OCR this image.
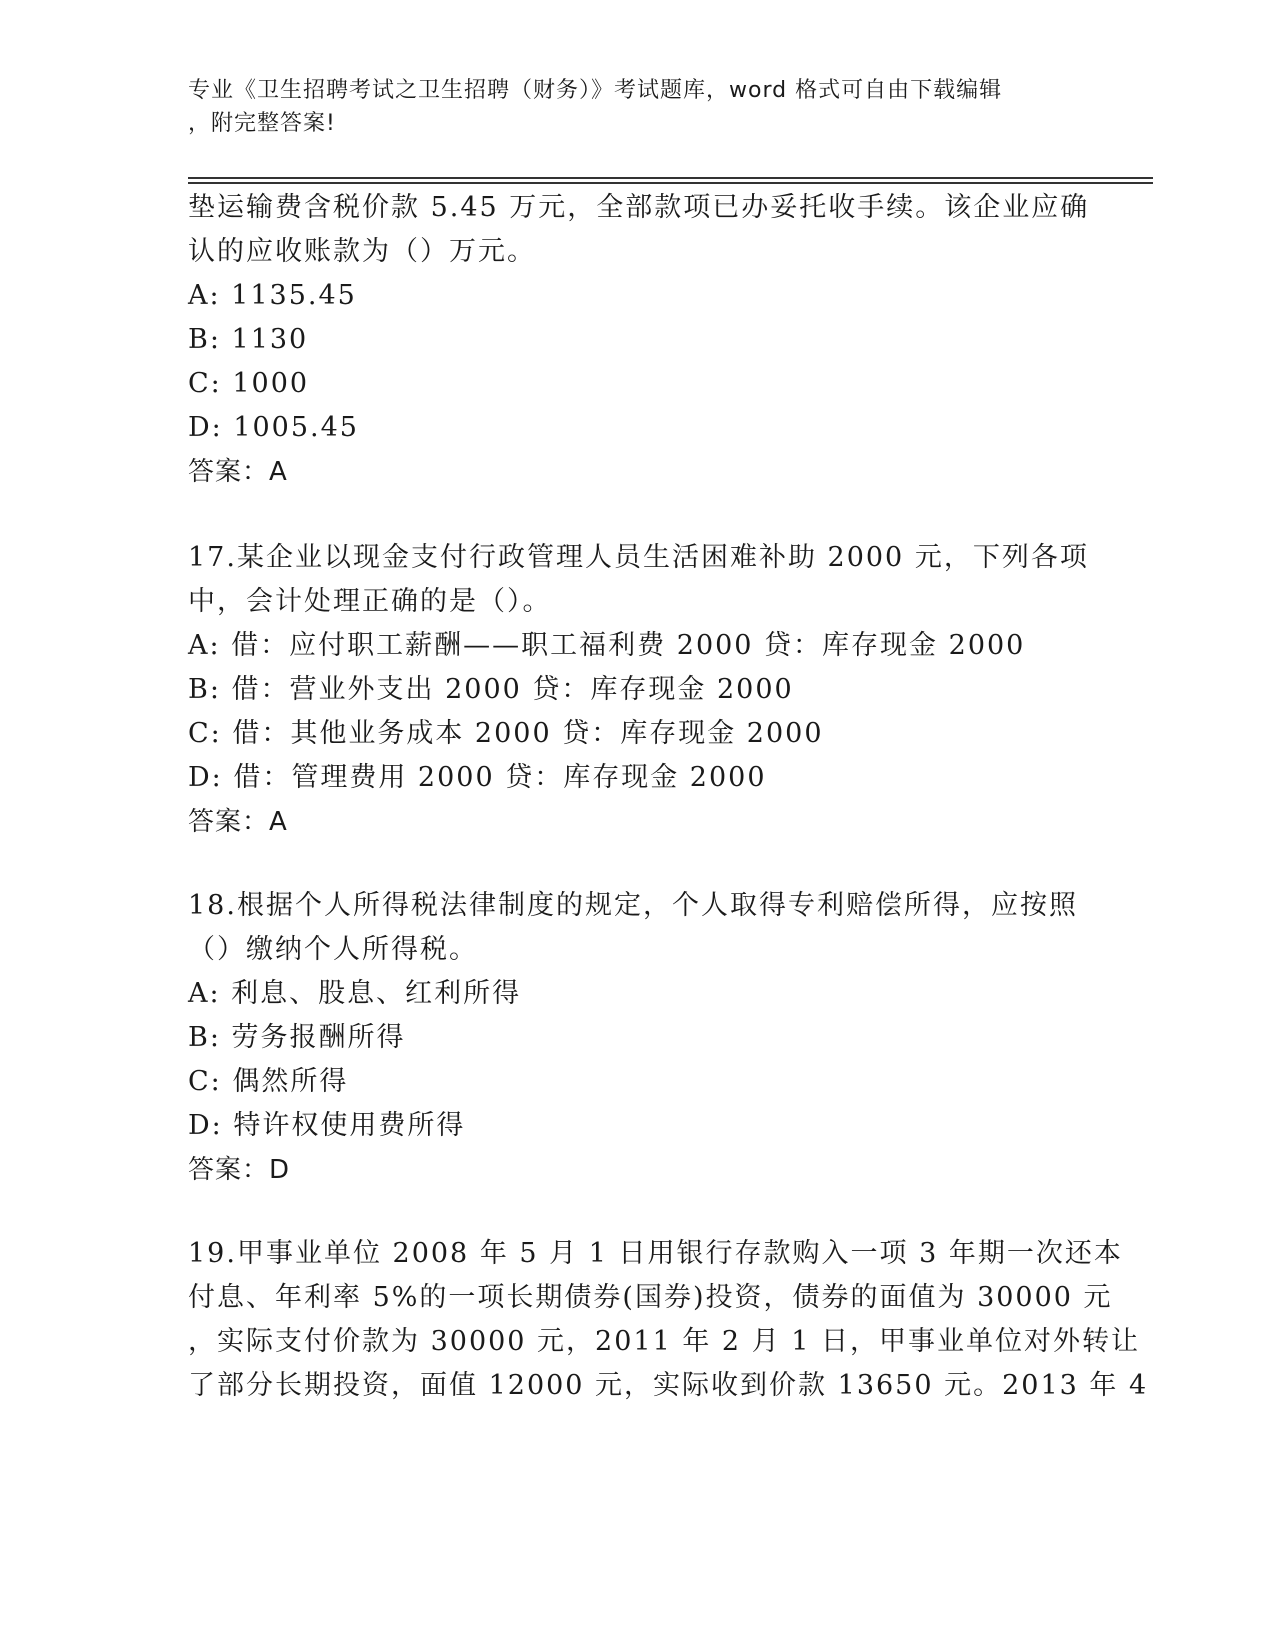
专业《卫生招聘考试之卫生招聘（财务）》考试题库，word 格式可自由下载编辑
，附完整答案!
垫运输费含税价款 5.45 万元，全部款项已办妥托收手续。该企业应确
认的应收账款为（）万元。
A: 1135.45
B: 1130
C: 1000
D: 1005.45
答案：A
17.某企业以现金支付行政管理人员生活困难补助 2000 元，下列各项
中，会计处理正确的是（）。
A: 借：应付职工薪酬——职工福利费 2000 贷：库存现金 2000
B: 借：营业外支出 2000 贷：库存现金 2000
C: 借：其他业务成本 2000 贷：库存现金 2000
D: 借：管理费用 2000 贷：库存现金 2000
答案：A
18.根据个人所得税法律制度的规定，个人取得专利赔偿所得，应按照
（）缴纳个人所得税。
A: 利息、股息、红利所得
B: 劳务报酬所得
C: 偶然所得
D: 特许权使用费所得
答案：D
19.甲事业单位 2008 年 5 月 1 日用银行存款购入一项 3 年期一次还本
付息、年利率 5%的一项长期债券(国券)投资，债券的面值为 30000 元
，实际支付价款为 30000 元，2011 年 2 月 1 日，甲事业单位对外转让
了部分长期投资，面值 12000 元，实际收到价款 13650 元。2013 年 4
